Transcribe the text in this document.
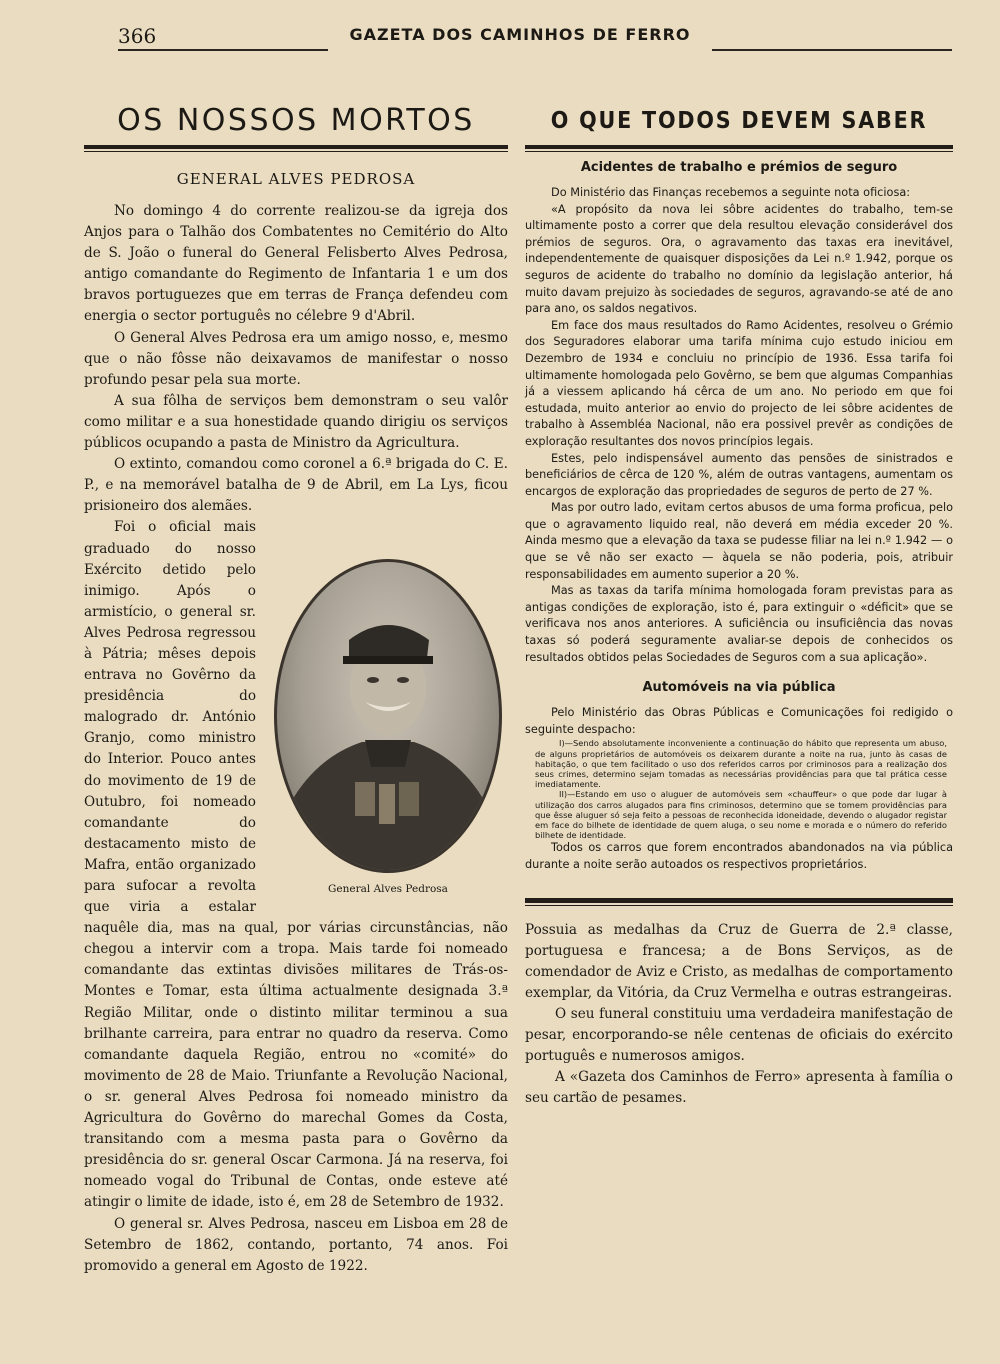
366	GAZETA DOS CAMINHOS DE FERRO
OS NOSSOS MORTOS
GENERAL ALVES PEDROSA

No domingo 4 do corrente realizou-se da igreja dos Anjos para o Talhão dos Combatentes no Cemitério do Alto de S. João o funeral do General Felisberto Alves Pedrosa, antigo comandante do Regimento de Infantaria 1 e um dos bravos portuguezes que em terras de França defendeu com energia o sector português no célebre 9 d'Abril.

O General Alves Pedrosa era um amigo nosso, e, mesmo que o não fôsse não deixavamos de manifestar o nosso profundo pesar pela sua morte.

A sua fôlha de serviços bem demonstram o seu valôr como militar e a sua honestidade quando dirigiu os serviços públicos ocupando a pasta de Ministro da Agricultura.

O extinto, comandou como coronel a 6.ª brigada do C. E. P., e na memorável batalha de 9 de Abril, em La Lys, ficou prisioneiro dos alemães.

General Alves Pedrosa

Foi o oficial mais graduado do nosso Exército detido pelo inimigo. Após o armistício, o general sr. Alves Pedrosa regressou à Pátria; mêses depois entrava no Govêrno da presidência do malogrado dr. António Granjo, como ministro do Interior. Pouco antes do movimento de 19 de Outubro, foi nomeado comandante do destacamento misto de Mafra, então organizado para sufocar a revolta que viria a estalar naquêle dia, mas na qual, por várias circunstâncias, não chegou a intervir com a tropa. Mais tarde foi nomeado comandante das extintas divisões militares de Trás-os-Montes e Tomar, esta última actualmente designada 3.ª Região Militar, onde o distinto militar terminou a sua brilhante carreira, para entrar no quadro da reserva. Como comandante daquela Região, entrou no «comité» do movimento de 28 de Maio. Triunfante a Revolução Nacional, o sr. general Alves Pedrosa foi nomeado ministro da Agricultura do Govêrno do marechal Gomes da Costa, transitando com a mesma pasta para o Govêrno da presidência do sr. general Oscar Carmona. Já na reserva, foi nomeado vogal do Tribunal de Contas, onde esteve até atingir o limite de idade, isto é, em 28 de Setembro de 1932.

O general sr. Alves Pedrosa, nasceu em Lisboa em 28 de Setembro de 1862, contando, portanto, 74 anos. Foi promovido a general em Agosto de 1922.

O QUE TODOS DEVEM SABER
Acidentes de trabalho e prémios de seguro

Do Ministério das Finanças recebemos a seguinte nota oficiosa:

«A propósito da nova lei sôbre acidentes do trabalho, tem-se ultimamente posto a correr que dela resultou elevação considerável dos prémios de seguros. Ora, o agravamento das taxas era inevitável, independentemente de quaisquer disposições da Lei n.º 1.942, porque os seguros de acidente do trabalho no domínio da legislação anterior, há muito davam prejuizo às sociedades de seguros, agravando-se até de ano para ano, os saldos negativos.

Em face dos maus resultados do Ramo Acidentes, resolveu o Grémio dos Seguradores elaborar uma tarifa mínima cujo estudo iniciou em Dezembro de 1934 e concluiu no princípio de 1936. Essa tarifa foi ultimamente homologada pelo Govêrno, se bem que algumas Companhias já a viessem aplicando há cêrca de um ano. No periodo em que foi estudada, muito anterior ao envio do projecto de lei sôbre acidentes de trabalho à Assembléa Nacional, não era possivel prevêr as condições de exploração resultantes dos novos princípios legais.

Estes, pelo indispensável aumento das pensões de sinistrados e beneficiários de cêrca de 120 %, além de outras vantagens, aumentam os encargos de exploração das propriedades de seguros de perto de 27 %.

Mas por outro lado, evitam certos abusos de uma forma proficua, pelo que o agravamento liquido real, não deverá em média exceder 20 %. Ainda mesmo que a elevação da taxa se pudesse filiar na lei n.º 1.942 — o que se vê não ser exacto — àquela se não poderia, pois, atribuir responsabilidades em aumento superior a 20 %.

Mas as taxas da tarifa mínima homologada foram previstas para as antigas condições de exploração, isto é, para extinguir o «déficit» que se verificava nos anos anteriores. A suficiência ou insuficiência das novas taxas só poderá seguramente avaliar-se depois de conhecidos os resultados obtidos pelas Sociedades de Seguros com a sua aplicação».

Automóveis na via pública

Pelo Ministério das Obras Públicas e Comunicações foi redigido o seguinte despacho:

I)—Sendo absolutamente inconveniente a continuação do hábito que representa um abuso, de alguns proprietários de automóveis os deixarem durante a noite na rua, junto às casas de habitação, o que tem facilitado o uso dos referidos carros por criminosos para a realização dos seus crimes, determino sejam tomadas as necessárias providências para que tal prática cesse imediatamente.

II)—Estando em uso o aluguer de automóveis sem «chauffeur» o que pode dar lugar à utilização dos carros alugados para fins criminosos, determino que se tomem providências para que êsse aluguer só seja feito a pessoas de reconhecida idoneidade, devendo o alugador registar em face do bilhete de identidade de quem aluga, o seu nome e morada e o número do referido bilhete de identidade.

Todos os carros que forem encontrados abandonados na via pública durante a noite serão autoados os respectivos proprietários.

Possuia as medalhas da Cruz de Guerra de 2.ª classe, portuguesa e francesa; a de Bons Serviços, as de comendador de Aviz e Cristo, as medalhas de comportamento exemplar, da Vitória, da Cruz Vermelha e outras estrangeiras.

O seu funeral constituiu uma verdadeira manifestação de pesar, encorporando-se nêle centenas de oficiais do exército português e numerosos amigos.

A «Gazeta dos Caminhos de Ferro» apresenta à família o seu cartão de pesames.
